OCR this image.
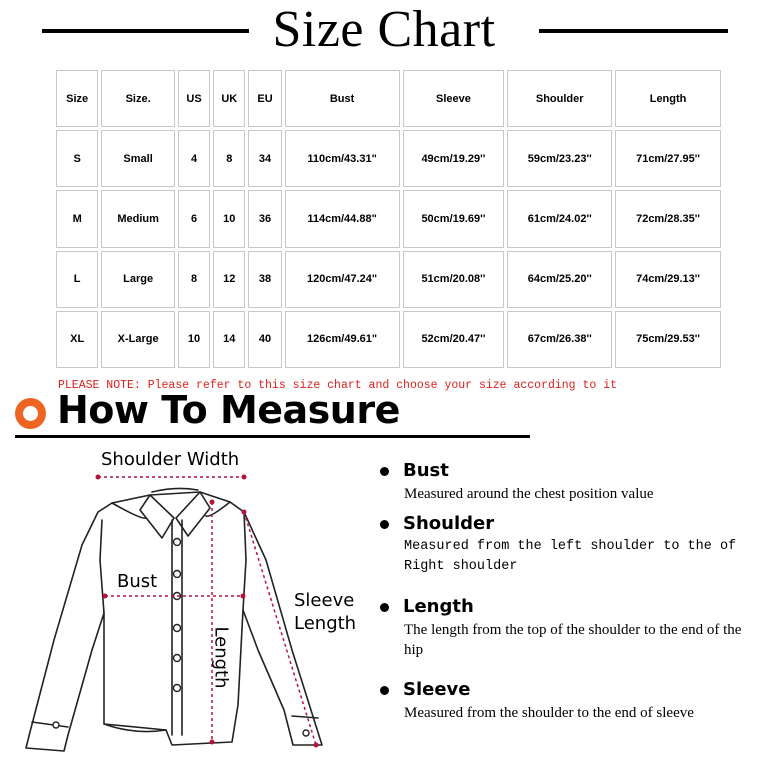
Size Chart
Size	Size.	US	UK	EU	Bust	Sleeve	Shoulder	Length
S	Small	4	8	34	110cm/43.31"	49cm/19.29''	59cm/23.23''	71cm/27.95''
M	Medium	6	10	36	114cm/44.88"	50cm/19.69''	61cm/24.02''	72cm/28.35''
L	Large	8	12	38	120cm/47.24"	51cm/20.08''	64cm/25.20''	74cm/29.13''
XL	X-Large	10	14	40	126cm/49.61"	52cm/20.47''	67cm/26.38''	75cm/29.53''
PLEASE NOTE: Please refer to this size chart and choose your size according to it
How To Measure
Shoulder Width
Bust
Length
Sleeve
Length
Bust
Measured around the chest position value
Shoulder
Measured from the left shoulder to the of Right shoulder
Length
The length from the top of the shoulder to the end of the hip
Sleeve
Measured from the shoulder to the end of sleeve
